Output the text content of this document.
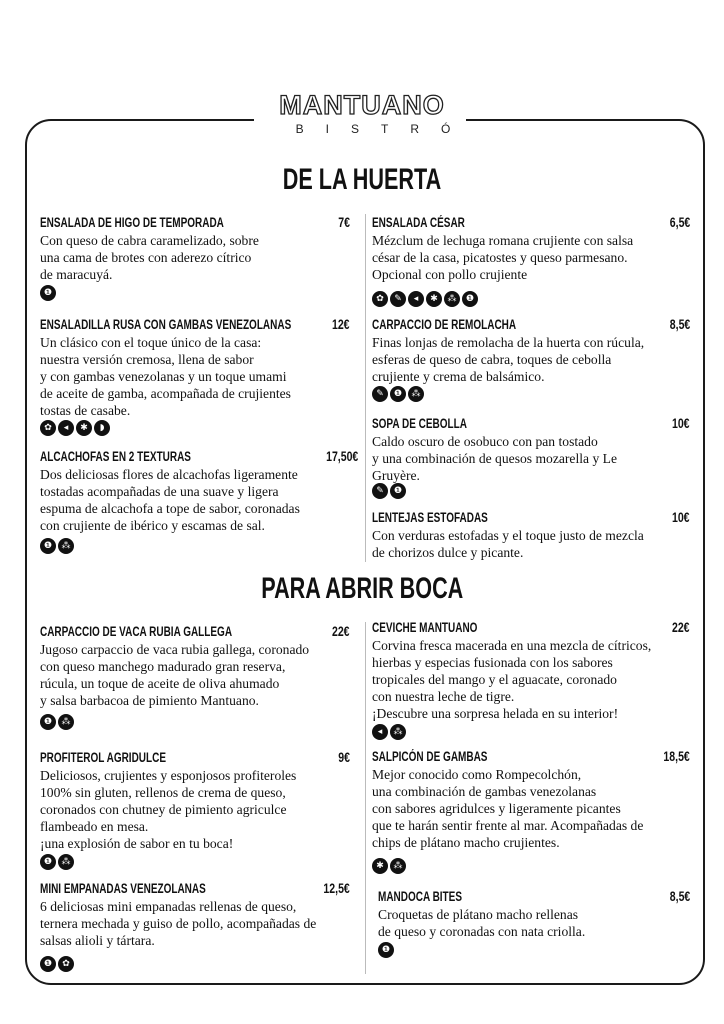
MANTUANO
BISTRÓ
DE LA HUERTA
PARA ABRIR BOCA
ENSALADA DE HIGO DE TEMPORADA	7€
Con queso de cabra caramelizado, sobre
una cama de brotes con aderezo cítrico
de maracuyá.
❶
ENSALADILLA RUSA CON GAMBAS VENEZOLANAS	12€
Un clásico con el toque único de la casa:
nuestra versión cremosa, llena de sabor
y con gambas venezolanas y un toque umami
de aceite de gamba, acompañada de crujientes
tostas de casabe.
✿	◂	✱	◗
ALCACHOFAS EN 2 TEXTURAS	17,50€
Dos deliciosas flores de alcachofas ligeramente
tostadas acompañadas de una suave y ligera
espuma de alcachofa a tope de sabor, coronadas
con crujiente de ibérico y escamas de sal.
❶	⁂
ENSALADA CÉSAR	6,5€
Mézclum de lechuga romana crujiente con salsa
césar de la casa, picatostes y queso parmesano.
Opcional con pollo crujiente
✿	✎	◂	✱	⁂	❶
CARPACCIO DE REMOLACHA	8,5€
Finas lonjas de remolacha de la huerta con rúcula,
esferas de queso de cabra, toques de cebolla
crujiente y crema de balsámico.
✎	❶	⁂
SOPA DE CEBOLLA	10€
Caldo oscuro de osobuco con pan tostado
y una combinación de quesos mozarella y Le
Gruyère.
✎	❶
LENTEJAS ESTOFADAS	10€
Con verduras estofadas y el toque justo de mezcla
de chorizos dulce y picante.
CARPACCIO DE VACA RUBIA GALLEGA	22€
Jugoso carpaccio de vaca rubia gallega, coronado
con queso manchego madurado gran reserva,
rúcula, un toque de aceite de oliva ahumado
y salsa barbacoa de pimiento Mantuano.
❶	⁂
PROFITEROL AGRIDULCE	9€
Deliciosos, crujientes y esponjosos profiteroles
100% sin gluten, rellenos de crema de queso,
coronados con chutney de pimiento agriculce
flambeado en mesa.
¡una explosión de sabor en tu boca!
❶	⁂
MINI EMPANADAS VENEZOLANAS	12,5€
6 deliciosas mini empanadas rellenas de queso,
ternera mechada y guiso de pollo, acompañadas de
salsas alioli y tártara.
❶	✿
CEVICHE MANTUANO	22€
Corvina fresca macerada en una mezcla de cítricos,
hierbas y especias fusionada con los sabores
tropicales del mango y el aguacate, coronado
con nuestra leche de tigre.
¡Descubre una sorpresa helada en su interior!
◂	⁂
SALPICÓN DE GAMBAS	18,5€
Mejor conocido como Rompecolchón,
una combinación de gambas venezolanas
con sabores agridulces y ligeramente picantes
que te harán sentir frente al mar. Acompañadas de
chips de plátano macho crujientes.
✱	⁂
MANDOCA BITES	8,5€
Croquetas de plátano macho rellenas
de queso y coronadas con nata criolla.
❶
